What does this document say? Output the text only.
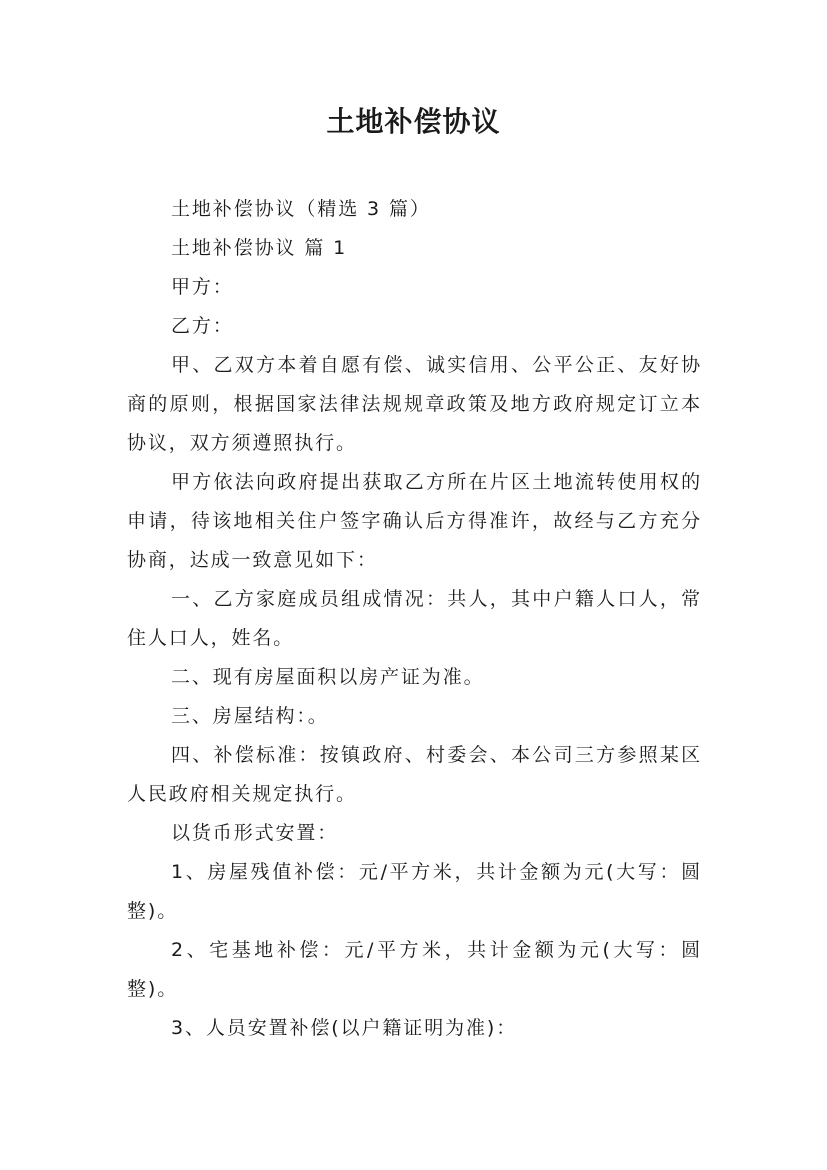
土地补偿协议

土地补偿协议（精选 3 篇）

土地补偿协议 篇 1

甲方：

乙方：

甲、乙双方本着自愿有偿、诚实信用、公平公正、友好协商的原则，根据国家法律法规规章政策及地方政府规定订立本协议，双方须遵照执行。

甲方依法向政府提出获取乙方所在片区土地流转使用权的申请，待该地相关住户签字确认后方得准许，故经与乙方充分协商，达成一致意见如下：

一、乙方家庭成员组成情况：共人，其中户籍人口人，常住人口人，姓名。

二、现有房屋面积以房产证为准。

三、房屋结构：。

四、补偿标准：按镇政府、村委会、本公司三方参照某区人民政府相关规定执行。

以货币形式安置：

1、房屋残值补偿：元/平方米，共计金额为元(大写：圆整)。

2、宅基地补偿：元/平方米，共计金额为元(大写：圆整)。

3、人员安置补偿(以户籍证明为准)：
